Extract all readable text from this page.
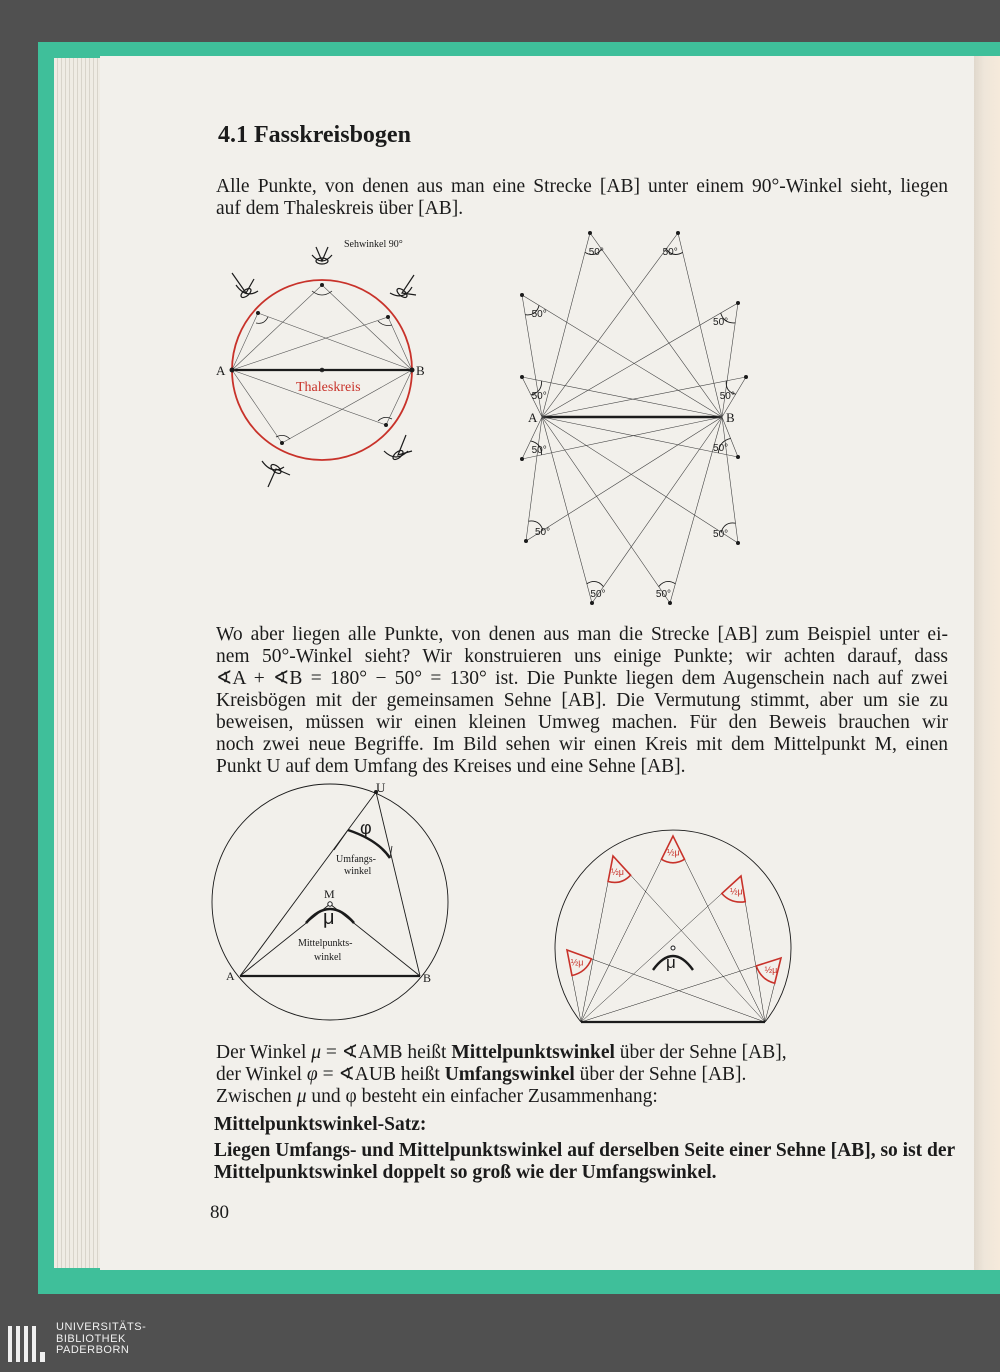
4.1 Fasskreisbogen
Alle Punkte, von denen aus man eine Strecke [AB] unter einem 90°-Winkel sieht, liegen
auf dem Thaleskreis über [AB].
Sehwinkel 90°
A	B
Thaleskreis
50°	50°
50°
50°
50°	50°
50°	50°
50°	50°
50°	50°
A	B
Wo aber liegen alle Punkte, von denen aus man die Strecke [AB] zum Beispiel unter ei-
nem 50°-Winkel sieht? Wir konstruieren uns einige Punkte; wir achten darauf, dass
∢A + ∢B = 180° − 50° = 130° ist. Die Punkte liegen dem Augenschein nach auf zwei
Kreisbögen mit der gemeinsamen Sehne [AB]. Die Vermutung stimmt, aber um sie zu
beweisen, müssen wir einen kleinen Umweg machen. Für den Beweis brauchen wir
noch zwei neue Begriffe. Im Bild sehen wir einen Kreis mit dem Mittelpunkt M, einen
Punkt U auf dem Umfang des Kreises und eine Sehne [AB].
U
M
A	B
φ
μ
Umfangs-
winkel
Mittelpunkts-
winkel	½μ
½μ
½μ
½μ
½μ
μ
Der Winkel μ = ∢AMB heißt Mittelpunktswinkel über der Sehne [AB],
der Winkel φ = ∢AUB heißt Umfangswinkel über der Sehne [AB].
Zwischen μ und φ besteht ein einfacher Zusammenhang:
Mittelpunktswinkel-Satz:
Liegen Umfangs- und Mittelpunktswinkel auf derselben Seite einer Sehne [AB], so ist der
Mittelpunktswinkel doppelt so groß wie der Umfangswinkel.
80
UNIVERSITÄTS-
BIBLIOTHEK
PADERBORN
